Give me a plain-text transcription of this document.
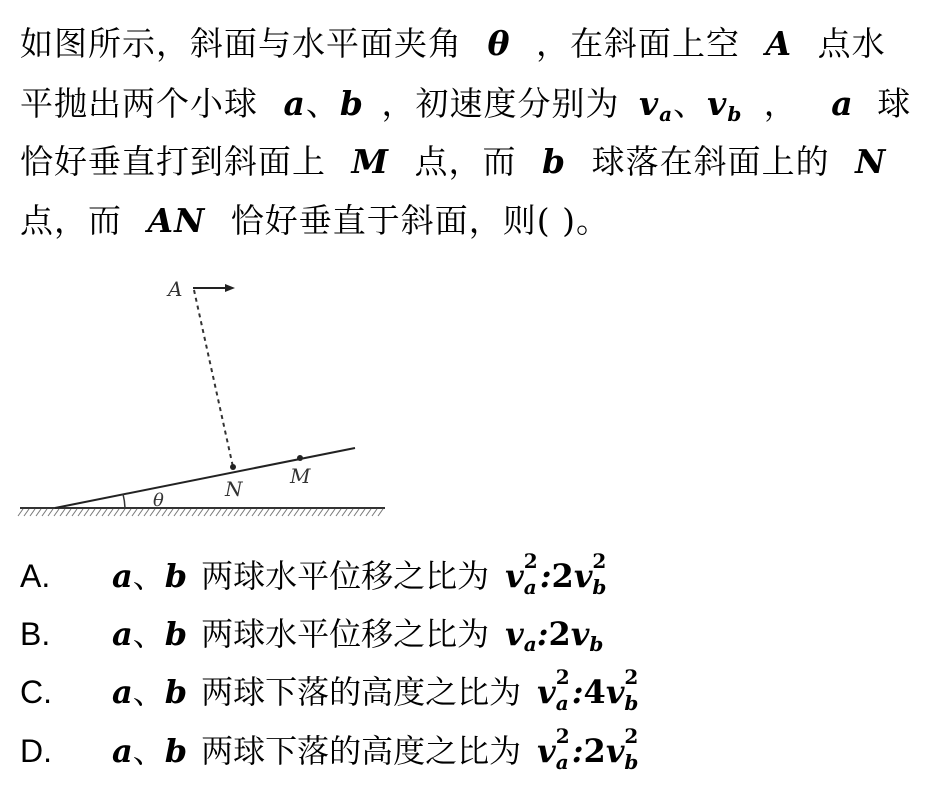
如图所示，斜面与水平面夹角 θ ，在斜面上空 A 点水
平抛出两个小球 a、b ，初速度分别为 $v_a$、$v_b$ ， a 球
恰好垂直打到斜面上 M 点，而 b 球落在斜面上的 N
点，而 AN 恰好垂直于斜面，则( )。
θ
A
N
M
A. a、b 两球水平位移之比为 v 2
a :2v 2
b
B. a、b 两球水平位移之比为 $v_a:2v_b$
C. a、b 两球下落的高度之比为 v 2
a :4v 2
b
D. a、b 两球下落的高度之比为 v 2
a :2v 2
b
